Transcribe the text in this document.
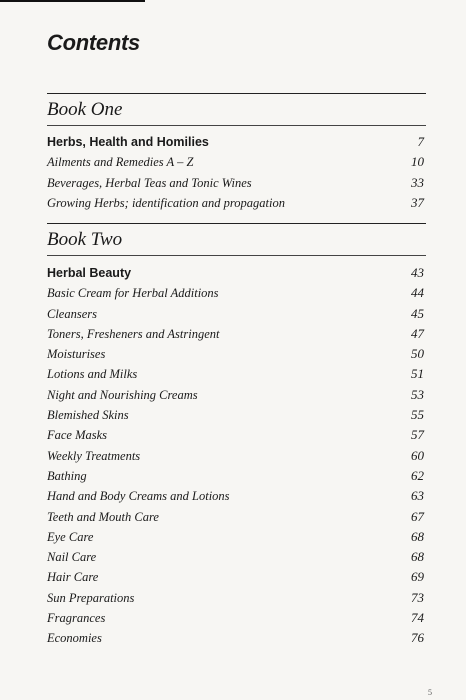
Contents
Book One
Herbs, Health and Homilies	7
Ailments and Remedies A – Z	10
Beverages, Herbal Teas and Tonic Wines	33
Growing Herbs; identification and propagation	37
Book Two
Herbal Beauty	43
Basic Cream for Herbal Additions	44
Cleansers	45
Toners, Fresheners and Astringent	47
Moisturises	50
Lotions and Milks	51
Night and Nourishing Creams	53
Blemished Skins	55
Face Masks	57
Weekly Treatments	60
Bathing	62
Hand and Body Creams and Lotions	63
Teeth and Mouth Care	67
Eye Care	68
Nail Care	68
Hair Care	69
Sun Preparations	73
Fragrances	74
Economies	76
5
